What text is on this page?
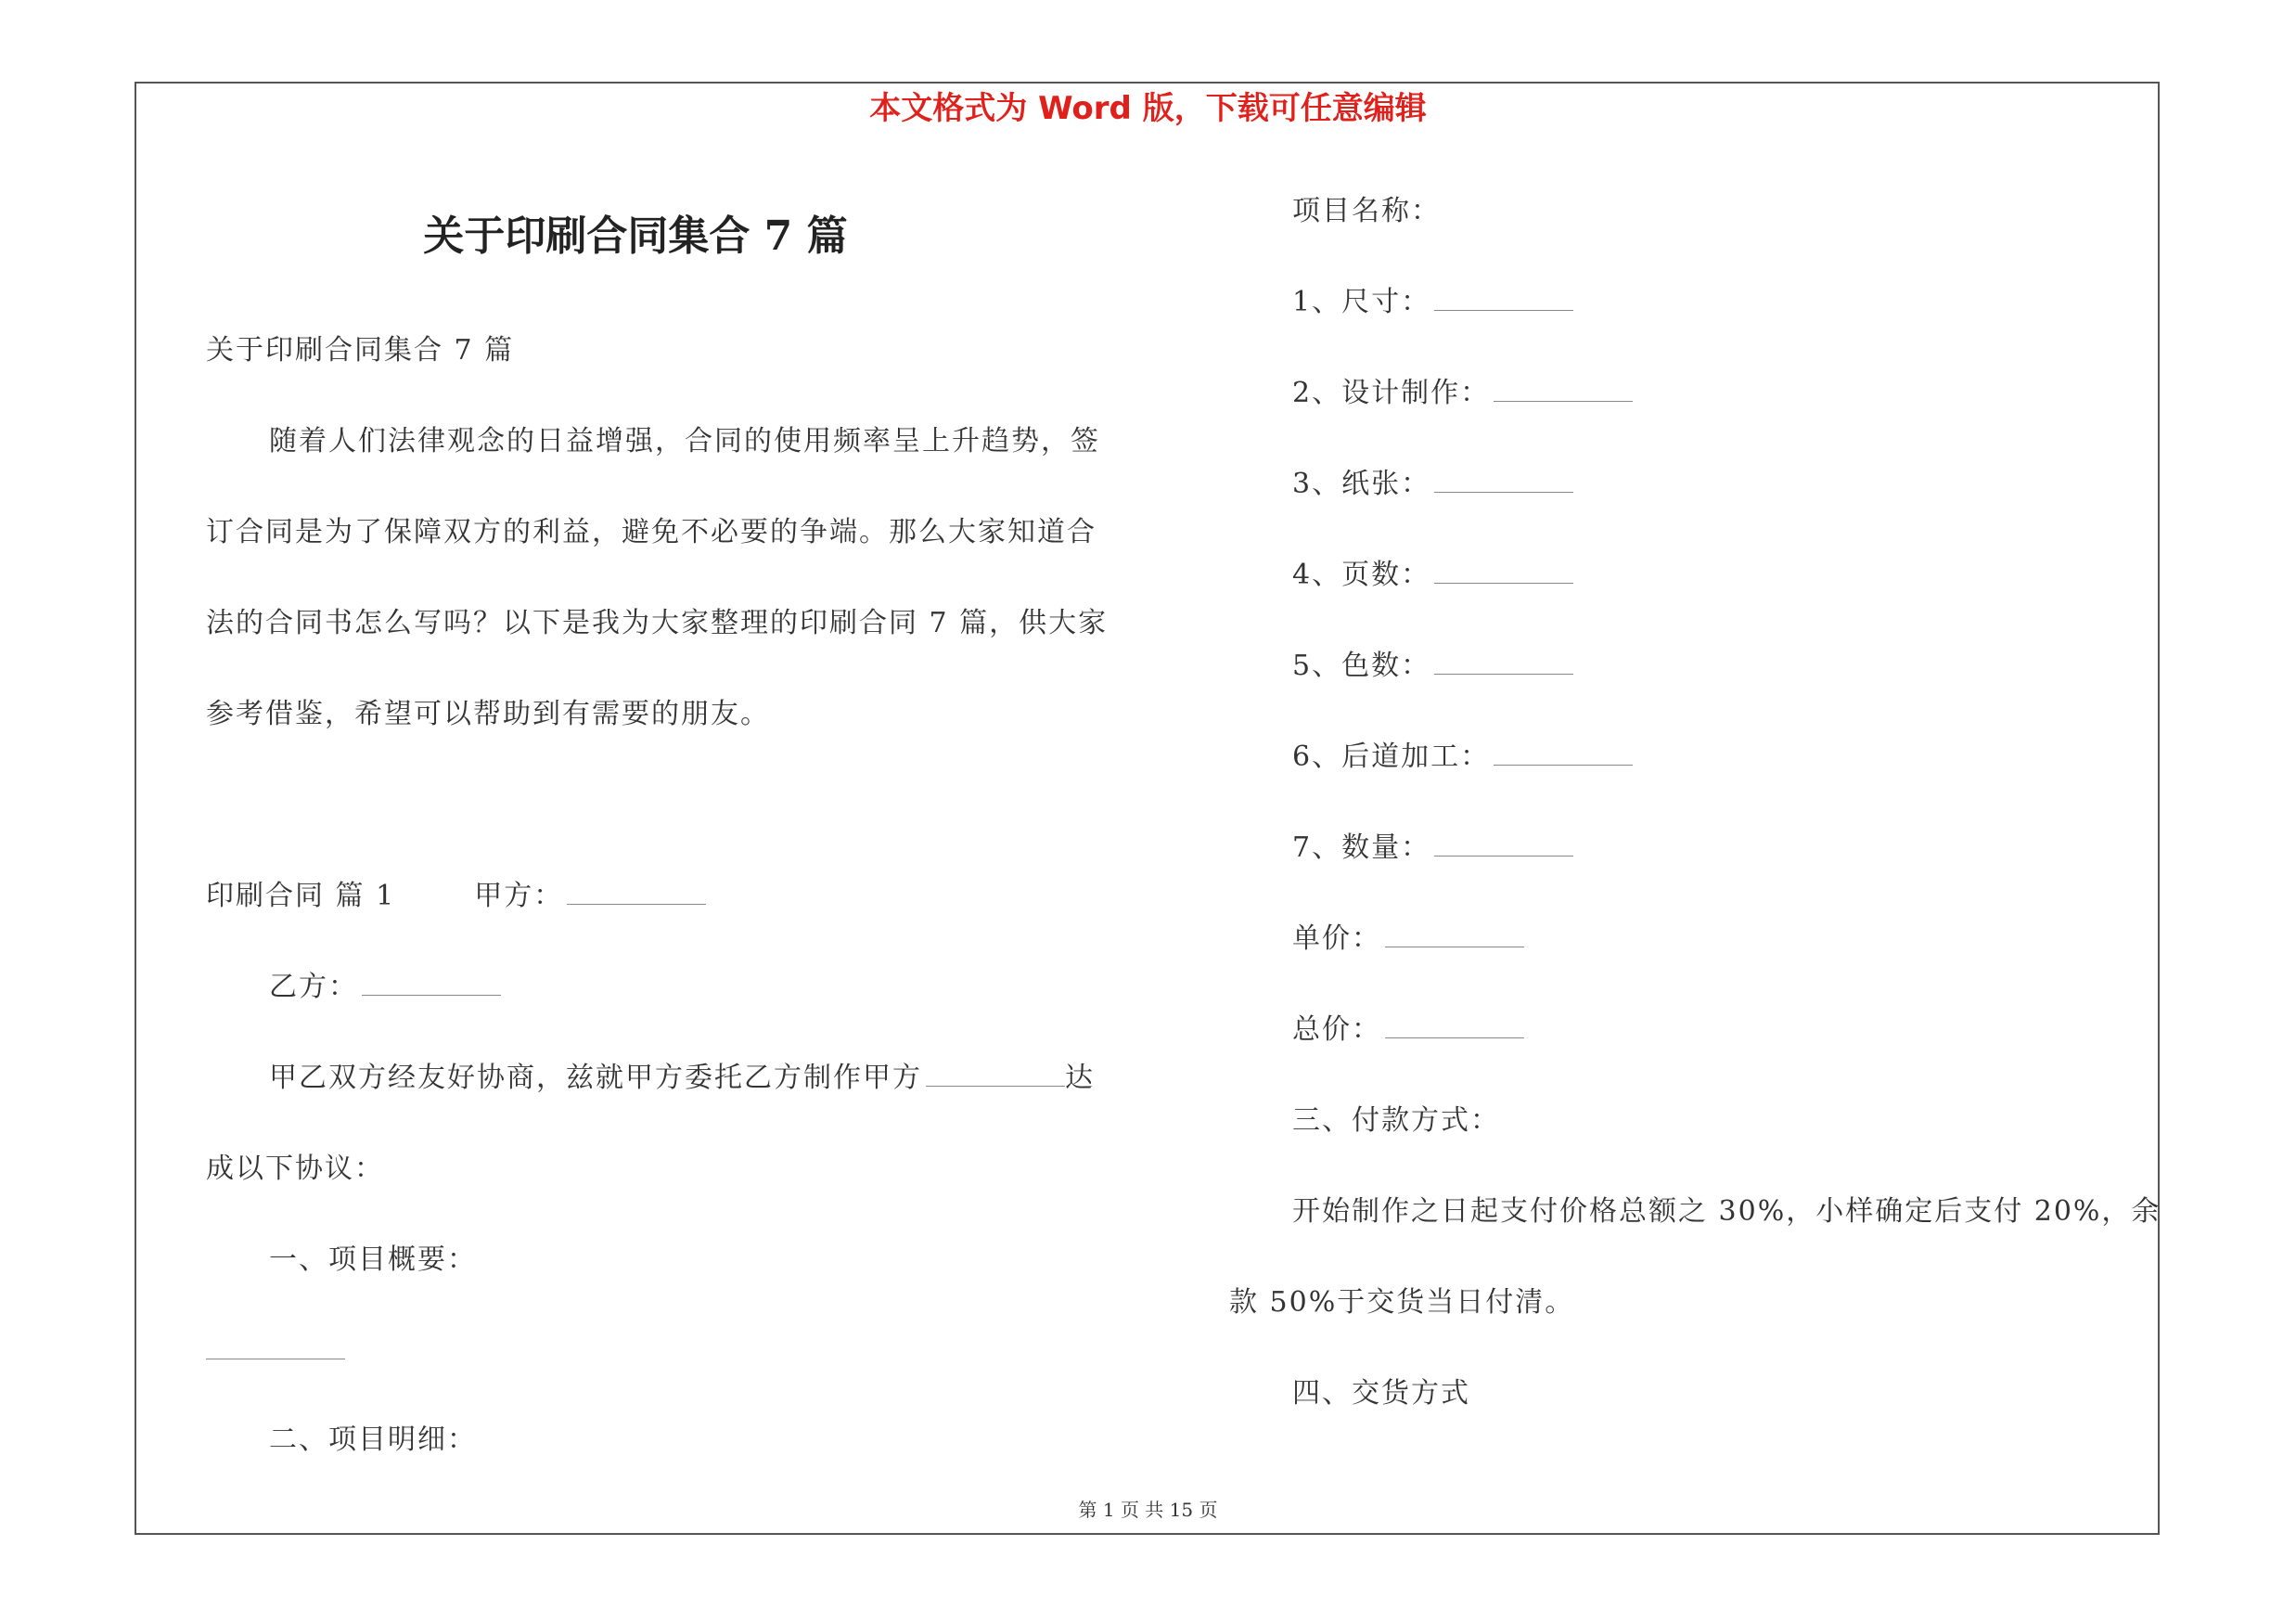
本文格式为 Word 版，下载可任意编辑
关于印刷合同集合 7 篇
关于印刷合同集合 7 篇
随着人们法律观念的日益增强，合同的使用频率呈上升趋势，签
订合同是为了保障双方的利益，避免不必要的争端。那么大家知道合
法的合同书怎么写吗？以下是我为大家整理的印刷合同 7 篇，供大家
参考借鉴，希望可以帮助到有需要的朋友。
印刷合同 篇 1	甲方：
乙方：
甲乙双方经友好协商，兹就甲方委托乙方制作甲方	达
成以下协议：
一、项目概要：
二、项目明细：
项目名称：
1、尺寸：
2、设计制作：
3、纸张：
4、页数：
5、色数：
6、后道加工：
7、数量：
单价：
总价：
三、付款方式：
开始制作之日起支付价格总额之 30%，小样确定后支付 20%，余
款 50%于交货当日付清。
四、交货方式
第 1 页 共 15 页
